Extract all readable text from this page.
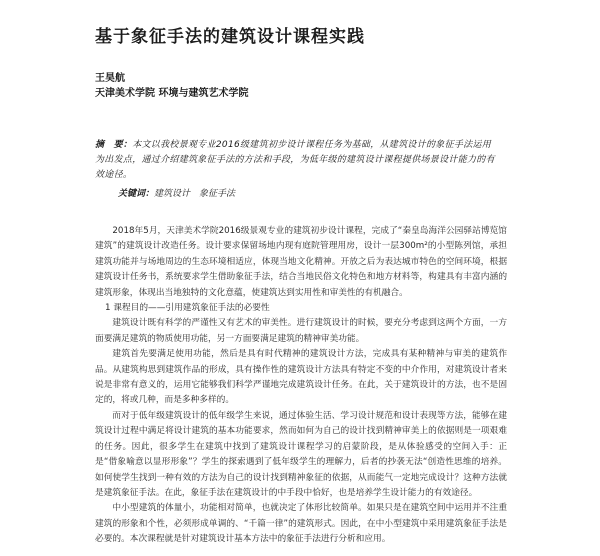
基于象征手法的建筑设计课程实践
王昊航
天津美术学院 环境与建筑艺术学院
摘　要：本文以我校景观专业2016级建筑初步设计课程任务为基础，从建筑设计的象征手法运用为出发点，通过介绍建筑象征手法的方法和手段，为低年级的建筑设计课程提供场景设计能力的有效途径。
关键词：建筑设计　象征手法

2018年5月，天津美术学院2016级景观专业的建筑初步设计课程，完成了“秦皇岛海洋公园驿站博览馆建筑”的建筑设计改造任务。设计要求保留场地内现有庭院管理用房，设计一层300m²的小型陈列馆，承担建筑功能并与场地周边的生态环境相适应，体现当地文化精神。开放之后为表达城市特色的空间环境，根据建筑设计任务书，系统要求学生借助象征手法，结合当地民俗文化特色和地方材料等，构建具有丰富内涵的建筑形象，体现出当地独特的文化意蕴，使建筑达到实用性和审美性的有机融合。

1 课程目的——引用建筑象征手法的必要性

建筑设计既有科学的严谨性又有艺术的审美性。进行建筑设计的时候，要充分考虑到这两个方面，一方面要满足建筑的物质使用功能，另一方面要满足建筑的精神审美功能。

建筑首先要满足使用功能，然后是具有时代精神的建筑设计方法，完成具有某种精神与审美的建筑作品。从建筑构思到建筑作品的形成，具有操作性的建筑设计方法具有特定不变的中介作用，对建筑设计者来说是非常有意义的，运用它能够我们科学严谨地完成建筑设计任务。在此，关于建筑设计的方法，也不是固定的，将或几种，而是多种多样的。

而对于低年级建筑设计的低年级学生来说，通过体验生活、学习设计规范和设计表现等方法，能够在建筑设计过程中满足将设计建筑的基本功能要求，然而如何为自己的设计找到精神审美上的依据则是一项艰难的任务。因此，很多学生在建筑中找到了建筑设计课程学习的启蒙阶段，是从体验感受的空间入手：正是“借象喻意以显形形象”？学生的探索遇到了低年级学生的理解力，后者的抄袭无法“创造性思维的培养。如何使学生找到一种有效的方法为自己的设计找到精神象征的依据，从而能气一定地完成设计？这种方法就是建筑象征手法。在此，象征手法在建筑设计的中手段中恰好，也是培养学生设计能力的有效途径。

中小型建筑的体量小，功能相对简单，也就决定了体形比较简单。如果只是在建筑空间中运用并不注重建筑的形象和个性，必须形成单调的、“千篇一律”的建筑形式。因此，在中小型建筑中采用建筑象征手法是必要的。本次课程就是针对建筑设计基本方法中的象征手法进行分析和应用。
